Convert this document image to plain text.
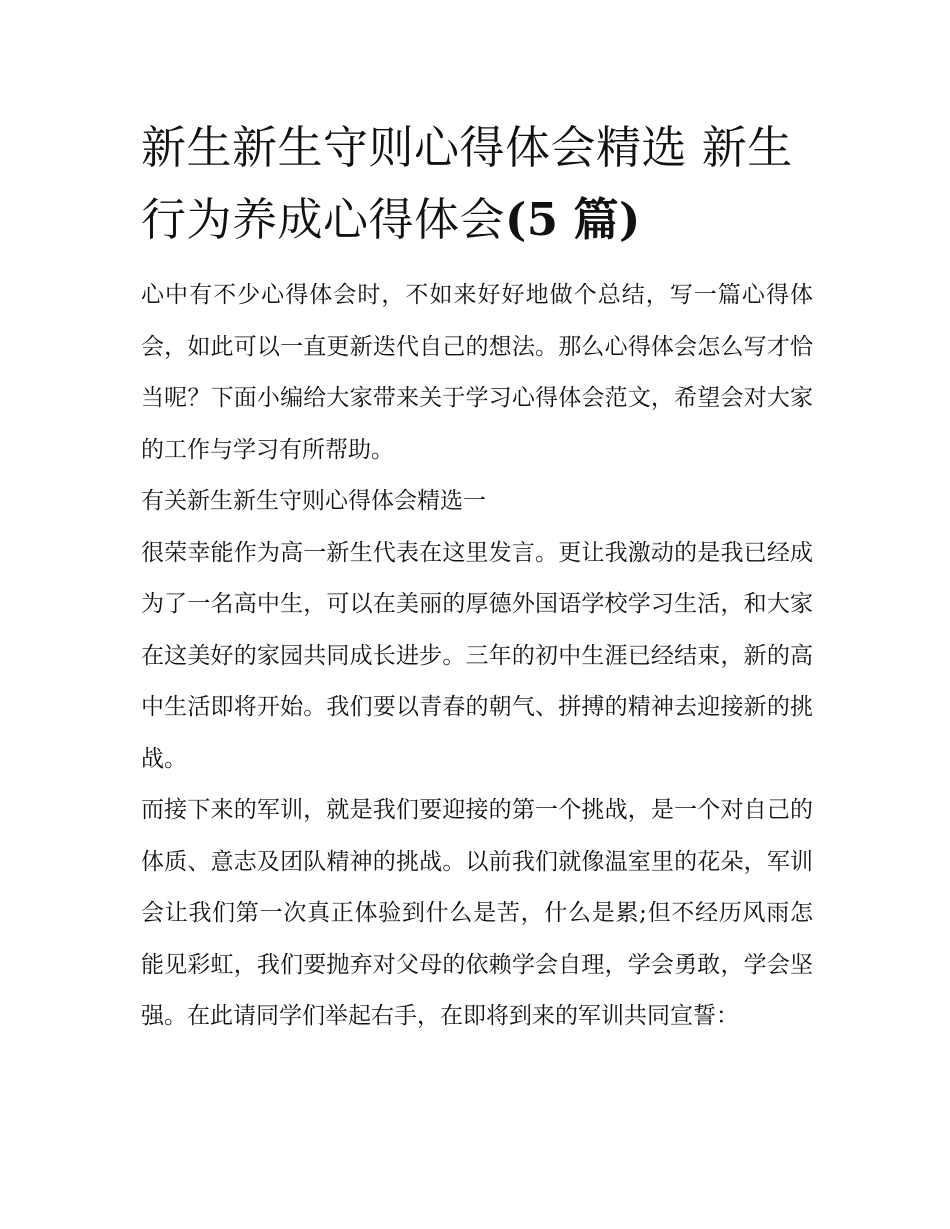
新生新生守则心得体会精选 新生行为养成心得体会(5 篇)

心中有不少心得体会时，不如来好好地做个总结，写一篇心得体会，如此可以一直更新迭代自己的想法。那么心得体会怎么写才恰当呢？下面小编给大家带来关于学习心得体会范文，希望会对大家的工作与学习有所帮助。

有关新生新生守则心得体会精选一

很荣幸能作为高一新生代表在这里发言。更让我激动的是我已经成为了一名高中生，可以在美丽的厚德外国语学校学习生活，和大家在这美好的家园共同成长进步。三年的初中生涯已经结束，新的高中生活即将开始。我们要以青春的朝气、拼搏的精神去迎接新的挑战。

而接下来的军训，就是我们要迎接的第一个挑战，是一个对自己的体质、意志及团队精神的挑战。以前我们就像温室里的花朵，军训会让我们第一次真正体验到什么是苦，什么是累;但不经历风雨怎能见彩虹，我们要抛弃对父母的依赖学会自理，学会勇敢，学会坚强。在此请同学们举起右手，在即将到来的军训共同宣誓：
